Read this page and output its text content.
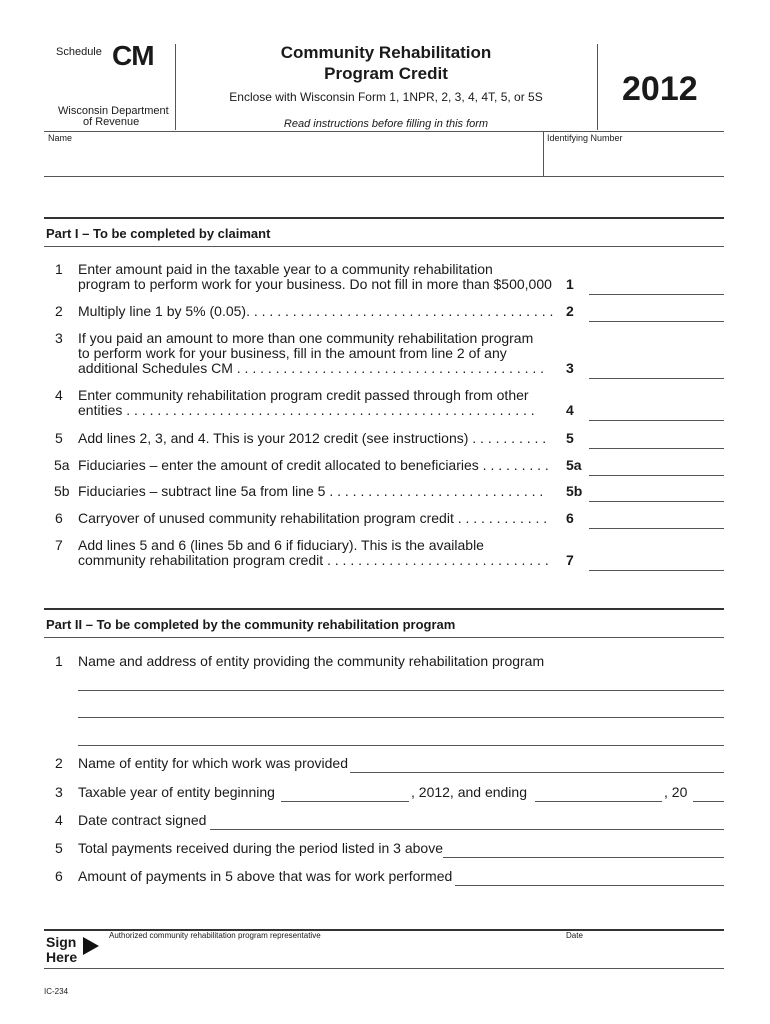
Schedule CM
Wisconsin Department
of Revenue
Community Rehabilitation
Program Credit
Enclose with Wisconsin Form 1, 1NPR, 2, 3, 4, 4T, 5, or 5S
Read instructions before filling in this form
2012
Name	Identifying Number
Part I – To be completed by claimant
1 Enter amount paid in the taxable year to a community rehabilitation
program to perform work for your business. Do not fill in more than $500,000	1
2 Multiply line 1 by 5% (0.05). . . . . . . . . . . . . . . . . . . . . . . . . . . . . . . . . . . . . . . . 2
3 If you paid an amount to more than one community rehabilitation program
to perform work for your business, fill in the amount from line 2 of any
additional Schedules CM . . . . . . . . . . . . . . . . . . . . . . . . . . . . . . . . . . . . . . . .	3
4 Enter community rehabilitation program credit passed through from other
entities . . . . . . . . . . . . . . . . . . . . . . . . . . . . . . . . . . . . . . . . . . . . . . . . . . . . .	4
5 Add lines 2, 3, and 4. This is your 2012 credit (see instructions) . . . . . . . . . .	5
5a Fiduciaries – enter the amount of credit allocated to beneficiaries . . . . . . . . .	5a
5b Fiduciaries – subtract line 5a from line 5 . . . . . . . . . . . . . . . . . . . . . . . . . . . .	5b
6 Carryover of unused community rehabilitation program credit . . . . . . . . . . . .	6
7 Add lines 5 and 6 (lines 5b and 6 if fiduciary). This is the available
community rehabilitation program credit . . . . . . . . . . . . . . . . . . . . . . . . . . . . .	7
Part II – To be completed by the community rehabilitation program
1 Name and address of entity providing the community rehabilitation program
2 Name of entity for which work was provided
3 Taxable year of entity beginning	, 2012, and ending	, 20
4 Date contract signed
5 Total payments received during the period listed in 3 above
6 Amount of payments in 5 above that was for work performed
Sign
Here
Authorized community rehabilitation program representative	Date
IC-234
